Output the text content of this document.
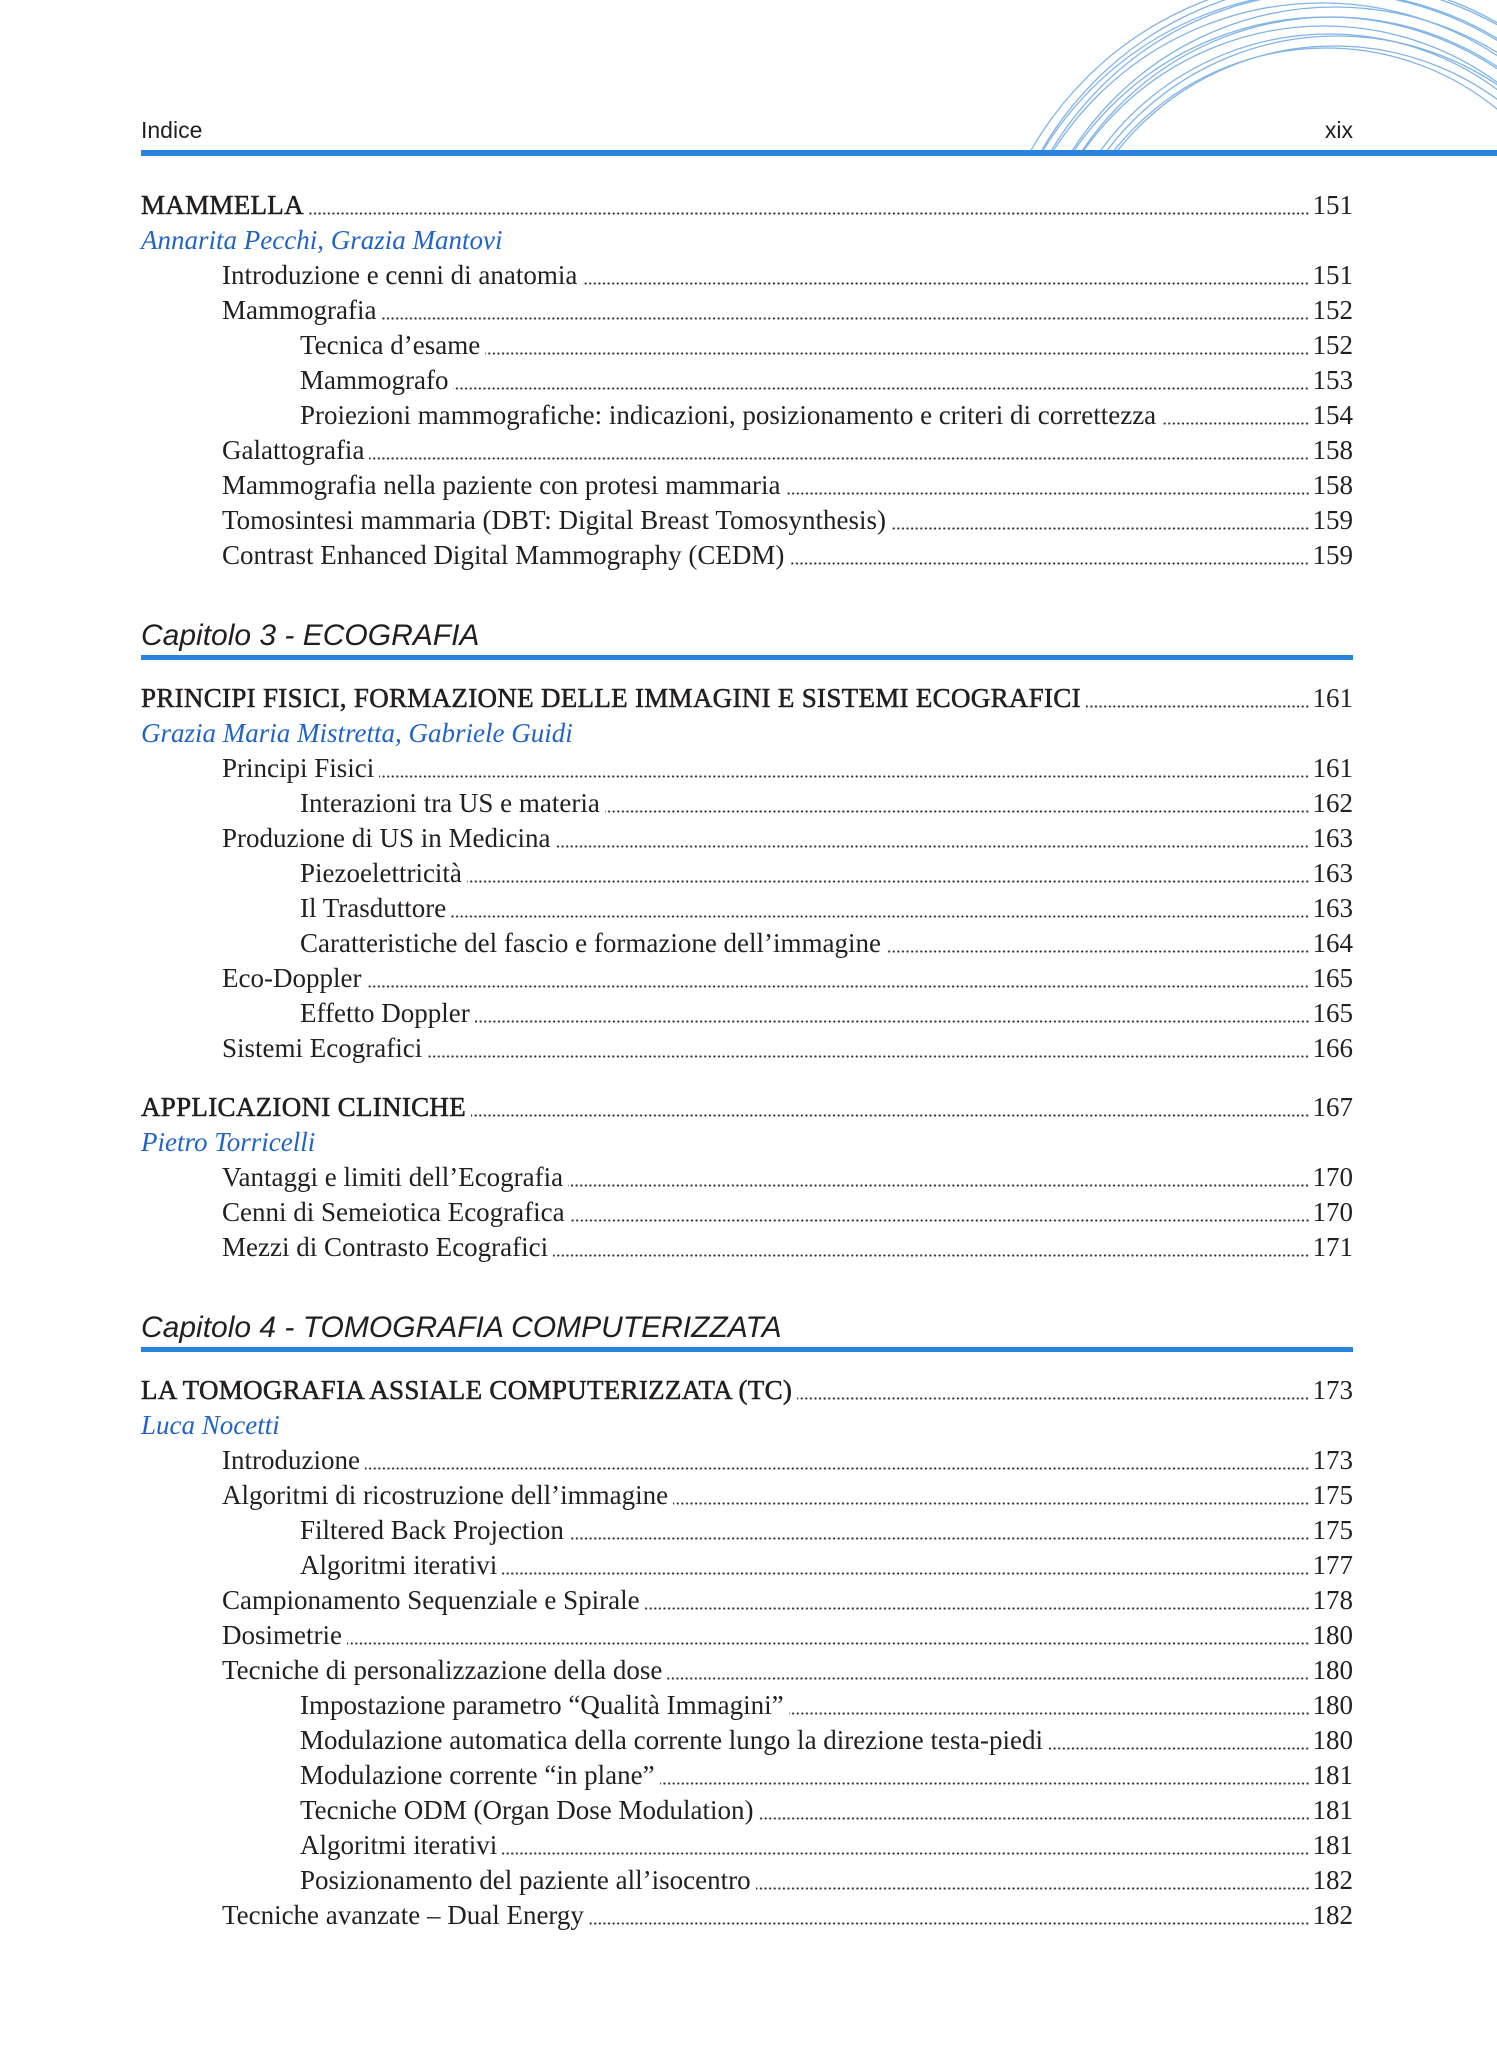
Indice	xix
MAMMELLA	151
Annarita Pecchi, Grazia Mantovi
Introduzione e cenni di anatomia	151
Mammografia	152
Tecnica d’esame	152
Mammografo	153
Proiezioni mammografiche: indicazioni, posizionamento e criteri di correttezza	154
Galattografia	158
Mammografia nella paziente con protesi mammaria	158
Tomosintesi mammaria (DBT: Digital Breast Tomosynthesis)	159
Contrast Enhanced Digital Mammography (CEDM)	159
Capitolo 3 - ECOGRAFIA
PRINCIPI FISICI, FORMAZIONE DELLE IMMAGINI E SISTEMI ECOGRAFICI	161
Grazia Maria Mistretta, Gabriele Guidi
Principi Fisici	161
Interazioni tra US e materia	162
Produzione di US in Medicina	163
Piezoelettricità	163
Il Trasduttore	163
Caratteristiche del fascio e formazione dell’immagine	164
Eco-Doppler	165
Effetto Doppler	165
Sistemi Ecografici	166
APPLICAZIONI CLINICHE	167
Pietro Torricelli
Vantaggi e limiti dell’Ecografia	170
Cenni di Semeiotica Ecografica	170
Mezzi di Contrasto Ecografici	171
Capitolo 4 - TOMOGRAFIA COMPUTERIZZATA
LA TOMOGRAFIA ASSIALE COMPUTERIZZATA (TC)	173
Luca Nocetti
Introduzione	173
Algoritmi di ricostruzione dell’immagine	175
Filtered Back Projection	175
Algoritmi iterativi	177
Campionamento Sequenziale e Spirale	178
Dosimetrie	180
Tecniche di personalizzazione della dose	180
Impostazione parametro “Qualità Immagini”	180
Modulazione automatica della corrente lungo la direzione testa-piedi	180
Modulazione corrente “in plane”	181
Tecniche ODM (Organ Dose Modulation)	181
Algoritmi iterativi	181
Posizionamento del paziente all’isocentro	182
Tecniche avanzate – Dual Energy	182
